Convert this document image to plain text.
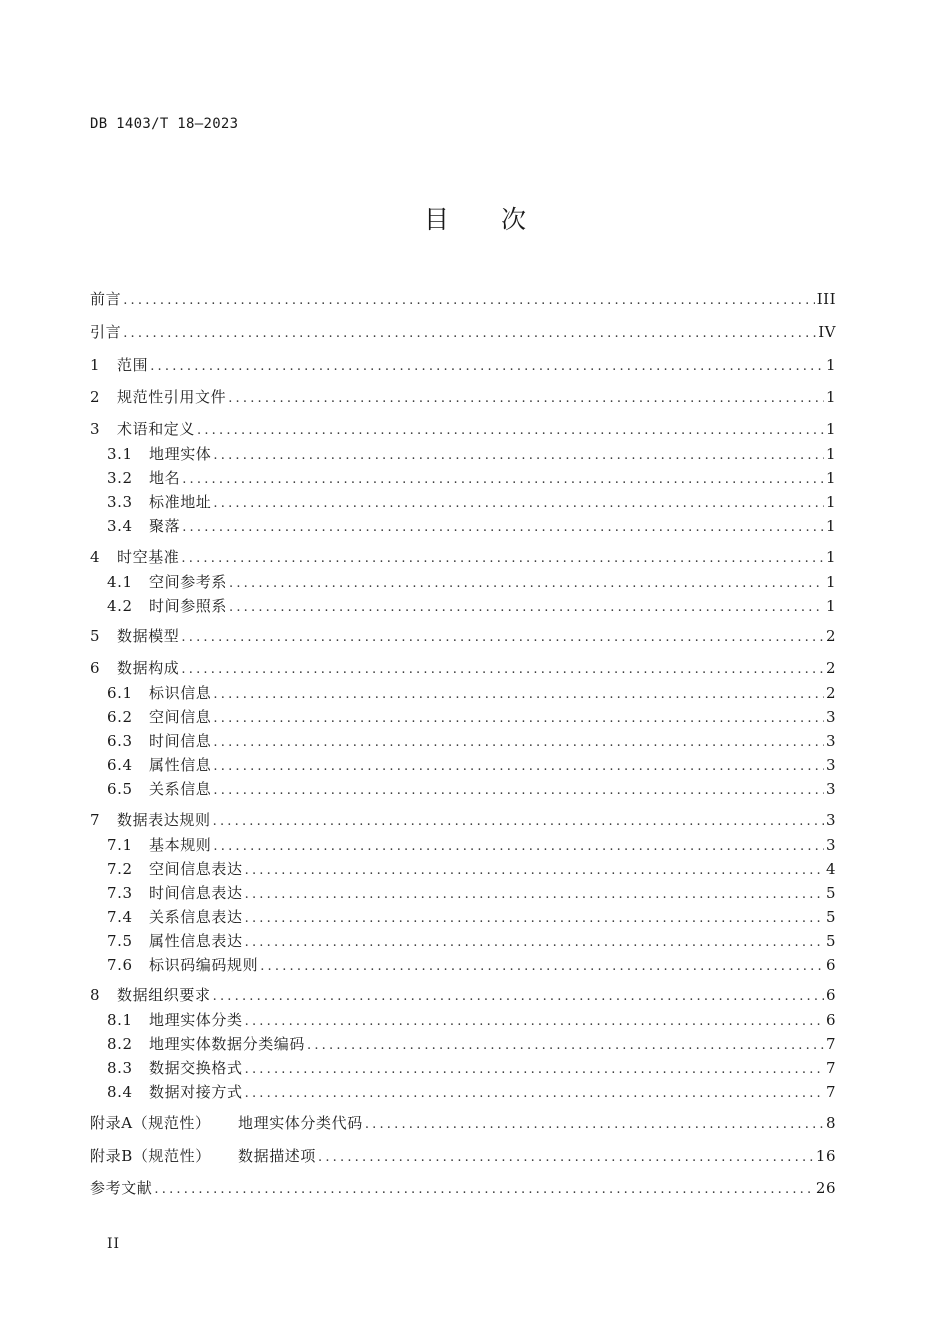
DB 1403/T 18—2023
目 次
前言 .....	III
引言 .....	IV
1	范围 .....	1
2	规范性引用文件 .....	1
3	术语和定义 .....	1
3.1	地理实体 .....	1
3.2	地名 .....	1
3.3	标准地址 .....	1
3.4	聚落 .....	1
4	时空基准 .....	1
4.1	空间参考系 .....	1
4.2	时间参照系 .....	1
5	数据模型 .....	2
6	数据构成 .....	2
6.1	标识信息 .....	2
6.2	空间信息 .....	3
6.3	时间信息 .....	3
6.4	属性信息 .....	3
6.5	关系信息 .....	3
7	数据表达规则 .....	3
7.1	基本规则 .....	3
7.2	空间信息表达 .....	4
7.3	时间信息表达 .....	5
7.4	关系信息表达 .....	5
7.5	属性信息表达 .....	5
7.6	标识码编码规则 .....	6
8	数据组织要求 .....	6
8.1	地理实体分类 .....	6
8.2	地理实体数据分类编码 .....	7
8.3	数据交换格式 .....	7
8.4	数据对接方式 .....	7
附录A（规范性）	地理实体分类代码 .....	8
附录B（规范性）	数据描述项 .....	16
参考文献 .....	26
II
